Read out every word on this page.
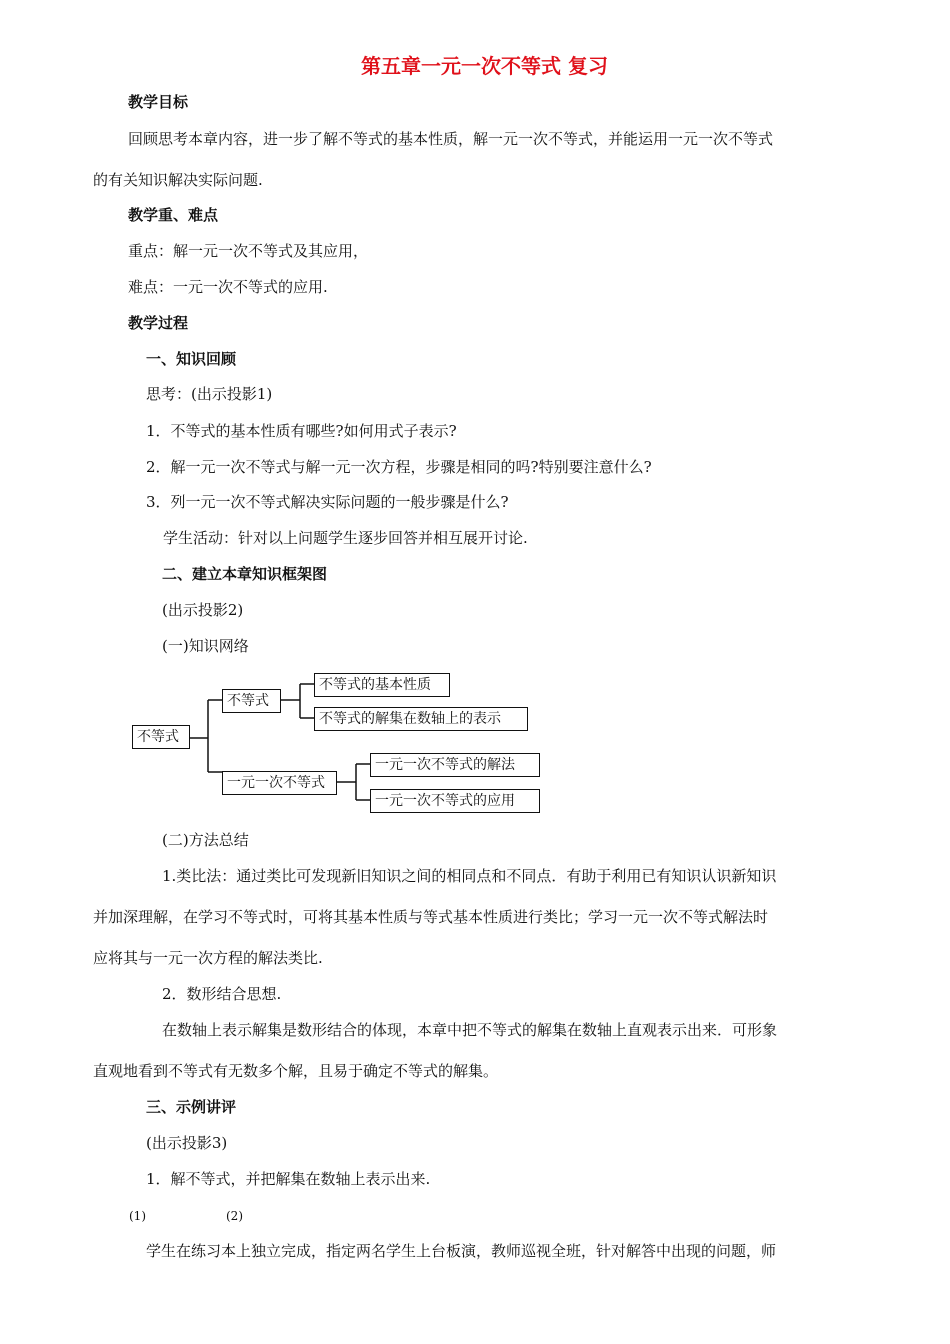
第五章一元一次不等式 复习
教学目标
回顾思考本章内容，进一步了解不等式的基本性质，解一元一次不等式，并能运用一元一次不等式
的有关知识解决实际问题.
教学重、难点
重点：解一元一次不等式及其应用，
难点：一元一次不等式的应用.
教学过程
一、知识回顾
思考：(出示投影1)
1．不等式的基本性质有哪些?如何用式子表示?
2．解一元一次不等式与解一元一次方程，步骤是相同的吗?特别要注意什么?
3．列一元一次不等式解决实际问题的一般步骤是什么?
学生活动：针对以上问题学生逐步回答并相互展开讨论.
二、建立本章知识框架图
(出示投影2)
(一)知识网络
不等式
不等式
不等式的基本性质
不等式的解集在数轴上的表示
一元一次不等式
一元一次不等式的解法
一元一次不等式的应用
(二)方法总结
1.类比法：通过类比可发现新旧知识之间的相同点和不同点．有助于利用已有知识认识新知识
并加深理解，在学习不等式时，可将其基本性质与等式基本性质进行类比；学习一元一次不等式解法时
应将其与一元一次方程的解法类比.
2．数形结合思想.
在数轴上表示解集是数形结合的体现，本章中把不等式的解集在数轴上直观表示出来．可形象
直观地看到不等式有无数多个解，且易于确定不等式的解集。
三、示例讲评
(出示投影3)
1．解不等式，并把解集在数轴上表示出来.
(1)	(2)
学生在练习本上独立完成，指定两名学生上台板演，教师巡视全班，针对解答中出现的问题，师
